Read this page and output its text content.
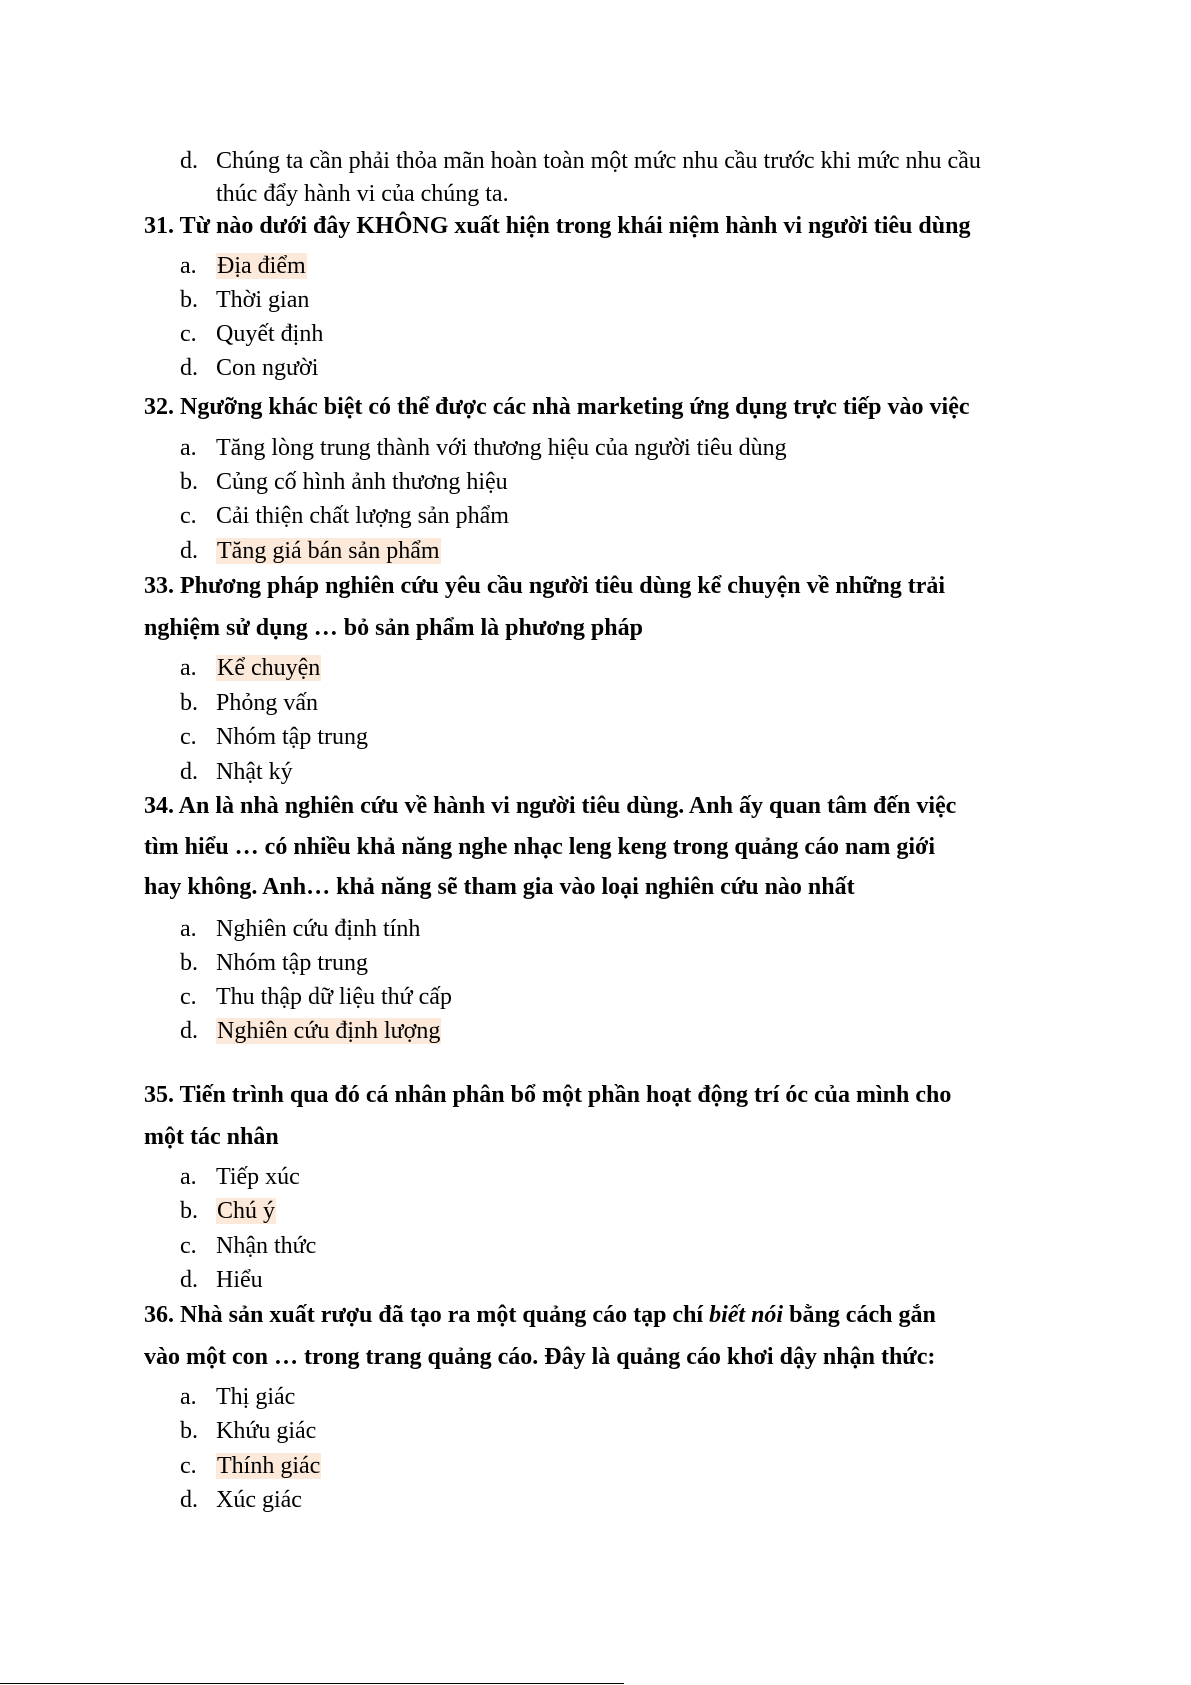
d. Chúng ta cần phải thỏa mãn hoàn toàn một mức nhu cầu trước khi mức nhu cầu
thúc đẩy hành vi của chúng ta.
31. Từ nào dưới đây KHÔNG xuất hiện trong khái niệm hành vi người tiêu dùng
a. Địa điểm
b. Thời gian
c. Quyết định
d. Con người
32. Ngưỡng khác biệt có thể được các nhà marketing ứng dụng trực tiếp vào việc
a. Tăng lòng trung thành với thương hiệu của người tiêu dùng
b. Củng cố hình ảnh thương hiệu
c. Cải thiện chất lượng sản phẩm
d. Tăng giá bán sản phẩm
33. Phương pháp nghiên cứu yêu cầu người tiêu dùng kể chuyện về những trải
nghiệm sử dụng … bỏ sản phẩm là phương pháp
a. Kể chuyện
b. Phỏng vấn
c. Nhóm tập trung
d. Nhật ký
34. An là nhà nghiên cứu về hành vi người tiêu dùng. Anh ấy quan tâm đến việc
tìm hiểu … có nhiều khả năng nghe nhạc leng keng trong quảng cáo nam giới
hay không. Anh… khả năng sẽ tham gia vào loại nghiên cứu nào nhất
a. Nghiên cứu định tính
b. Nhóm tập trung
c. Thu thập dữ liệu thứ cấp
d. Nghiên cứu định lượng
35. Tiến trình qua đó cá nhân phân bổ một phần hoạt động trí óc của mình cho
một tác nhân
a. Tiếp xúc
b. Chú ý
c. Nhận thức
d. Hiểu
36. Nhà sản xuất rượu đã tạo ra một quảng cáo tạp chí biết nói bằng cách gắn
vào một con … trong trang quảng cáo. Đây là quảng cáo khơi dậy nhận thức:
a. Thị giác
b. Khứu giác
c. Thính giác
d. Xúc giác
